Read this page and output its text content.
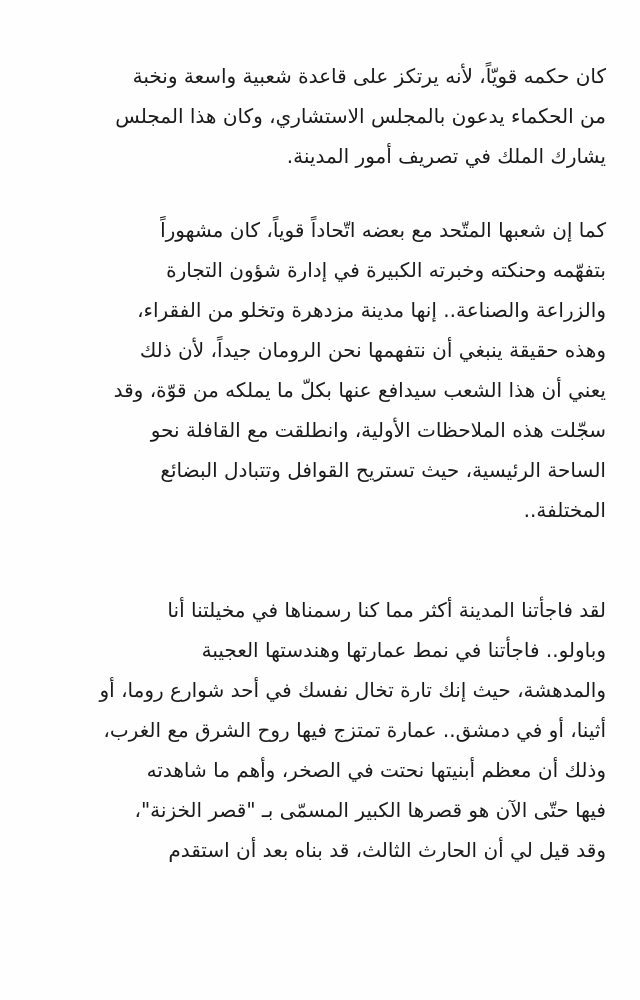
كان حكمه قويّاً، لأنه يرتكز على قاعدة شعبية واسعة ونخبة
من الحكماء يدعون بالمجلس الاستشاري، وكان هذا المجلس
يشارك الملك في تصريف أمور المدينة.
كما إن شعبها المتّحد مع بعضه اتّحاداً قوياً، كان مشهوراً
بتفهّمه وحنكته وخبرته الكبيرة في إدارة شؤون التجارة
والزراعة والصناعة.. إنها مدينة مزدهرة وتخلو من الفقراء،
وهذه حقيقة ينبغي أن نتفهمها نحن الرومان جيداً، لأن ذلك
يعني أن هذا الشعب سيدافع عنها بكلّ ما يملكه من قوّة، وقد
سجّلت هذه الملاحظات الأولية، وانطلقت مع القافلة نحو
الساحة الرئيسية، حيث تستريح القوافل وتتبادل البضائع
المختلفة..
لقد فاجأتنا المدينة أكثر مما كنا رسمناها في مخيلتنا أنا
وباولو.. فاجأتنا في نمط عمارتها وهندستها العجيبة
والمدهشة، حيث إنك تارة تخال نفسك في أحد شوارع روما، أو
أثينا، أو في دمشق.. عمارة تمتزج فيها روح الشرق مع الغرب،
وذلك أن معظم أبنيتها نحتت في الصخر، وأهم ما شاهدته
فيها حتّى الآن هو قصرها الكبير المسمّى بـ "قصر الخزنة"،
وقد قيل لي أن الحارث الثالث، قد بناه بعد أن استقدم
